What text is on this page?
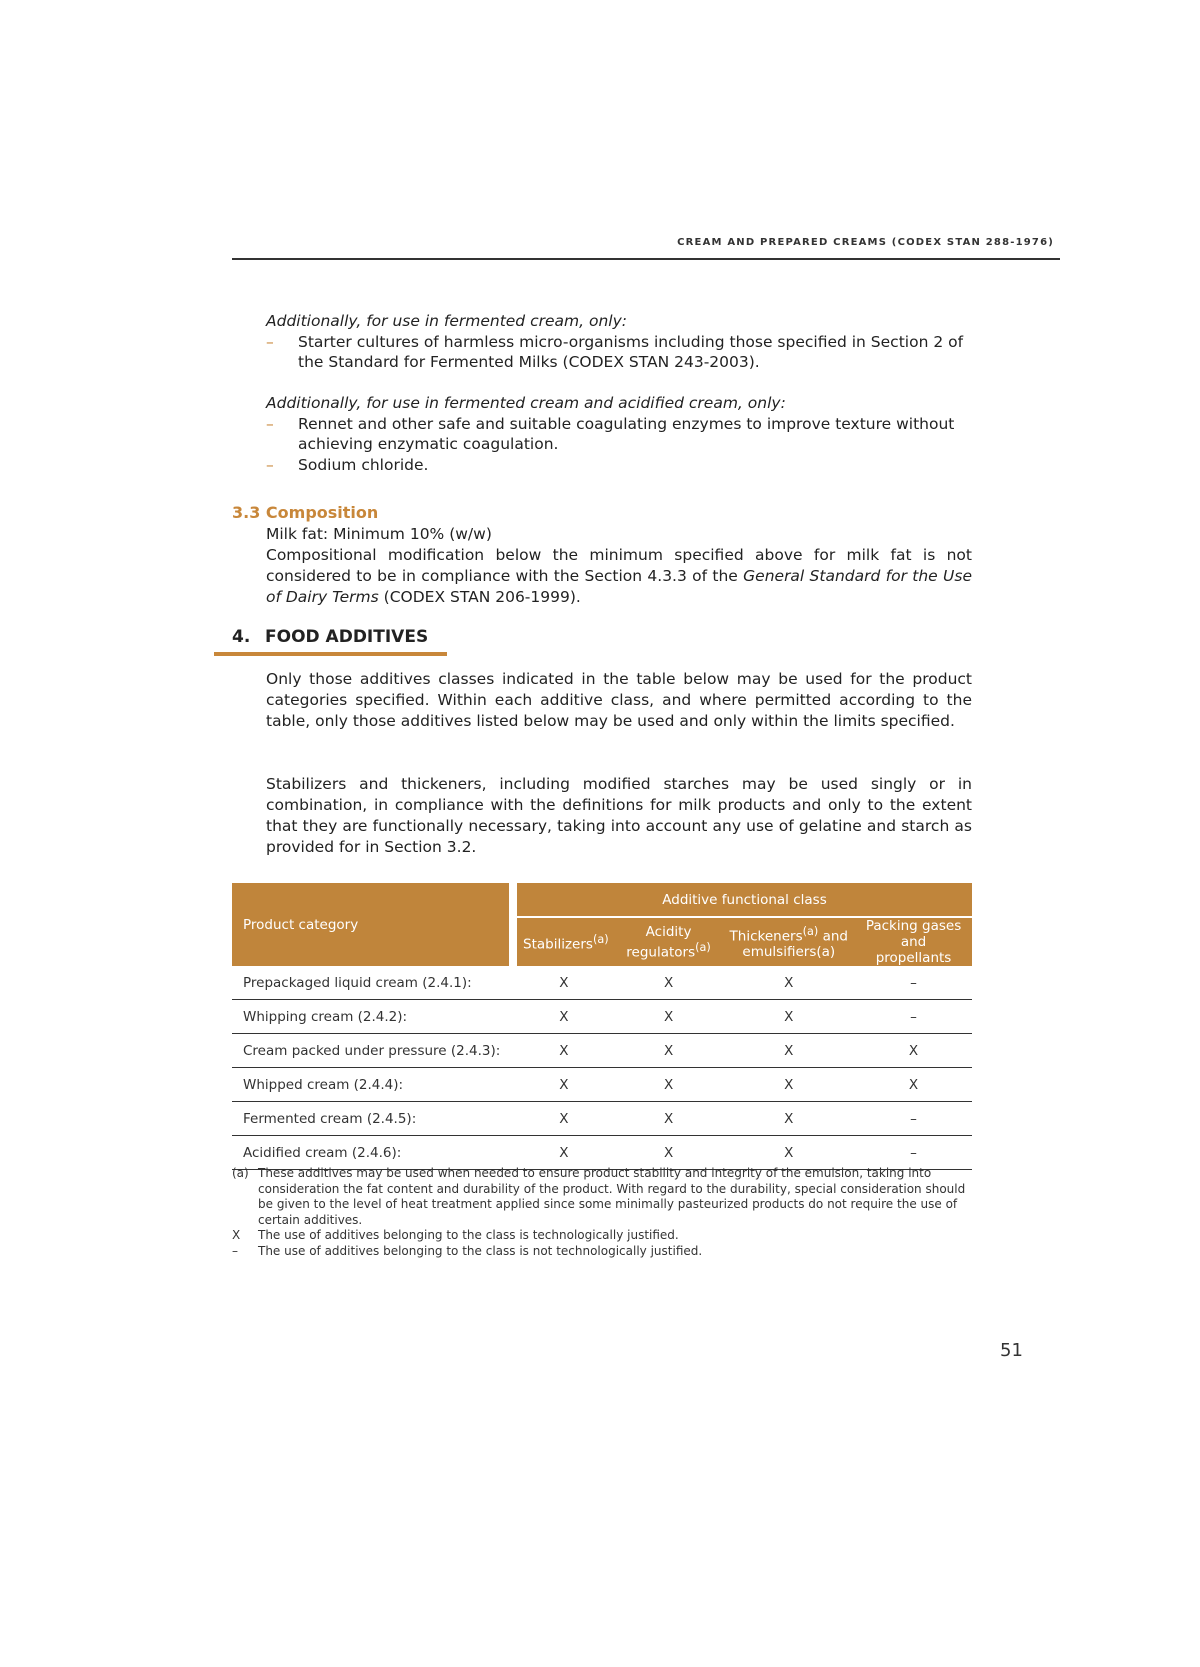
CREAM AND PREPARED CREAMS (CODEX STAN 288-1976)

Additionally, for use in fermented cream, only:

–	Starter cultures of harmless micro-organisms including those specified in Section 2 of the Standard for Fermented Milks (CODEX STAN 243-2003).

Additionally, for use in fermented cream and acidified cream, only:

–	Rennet and other safe and suitable coagulating enzymes to improve texture without achieving enzymatic coagulation.

–	Sodium chloride.

3.3 Composition

Milk fat: Minimum 10% (w/w)

Compositional modification below the minimum specified above for milk fat is not considered to be in compliance with the Section 4.3.3 of the General Standard for the Use of Dairy Terms (CODEX STAN 206-1999).

4. FOOD ADDITIVES

Only those additives classes indicated in the table below may be used for the product categories specified. Within each additive class, and where permitted according to the table, only those additives listed below may be used and only within the limits specified.

Stabilizers and thickeners, including modified starches may be used singly or in combination, in compliance with the definitions for milk products and only to the extent that they are functionally necessary, taking into account any use of gelatine and starch as provided for in Section 3.2.

Product category	Additive functional class			
	Stabilizers$^{(a)}$	Acidity regulators$^{(a)}$	Thickeners$^{(a)}$ and emulsifiers(a)	Packing gases and propellants
Prepackaged liquid cream (2.4.1):	X	X	X	–
Whipping cream (2.4.2):	X	X	X	–
Cream packed under pressure (2.4.3):	X	X	X	X
Whipped cream (2.4.4):	X	X	X	X
Fermented cream (2.4.5):	X	X	X	–
Acidified cream (2.4.6):	X	X	X	–
(a) These additives may be used when needed to ensure product stability and integrity of the emulsion, taking into consideration the fat content and durability of the product. With regard to the durability, special consideration should be given to the level of heat treatment applied since some minimally pasteurized products do not require the use of certain additives.
X	The use of additives belonging to the class is technologically justified.
–	The use of additives belonging to the class is not technologically justified.
51
